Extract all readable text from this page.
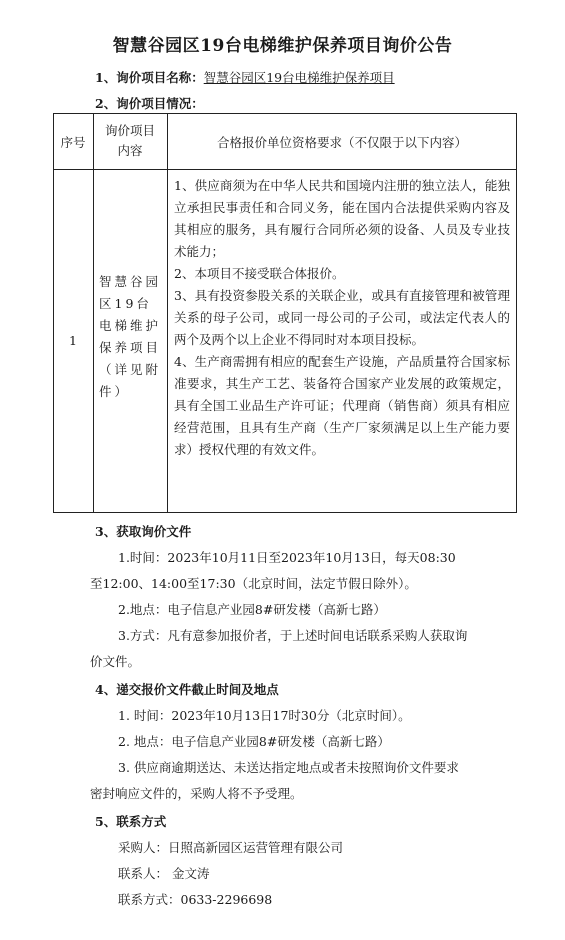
智慧谷园区19台电梯维护保养项目询价公告
1、询价项目名称：智慧谷园区19台电梯维护保养项目
2、询价项目情况：
序号
询价项目内容
合格报价单位资格要求（不仅限于以下内容）
1
智慧谷园区19台电梯维护保养项目（详见附件）

1、供应商须为在中华人民共和国境内注册的独立法人，能独立承担民事责任和合同义务，能在国内合法提供采购内容及其相应的服务，具有履行合同所必须的设备、人员及专业技术能力；

2、本项目不接受联合体报价。

3、具有投资参股关系的关联企业，或具有直接管理和被管理关系的母子公司，或同一母公司的子公司，或法定代表人的两个及两个以上企业不得同时对本项目投标。

4、生产商需拥有相应的配套生产设施，产品质量符合国家标准要求，其生产工艺、装备符合国家产业发展的政策规定，具有全国工业品生产许可证；代理商（销售商）须具有相应经营范围，且具有生产商（生产厂家须满足以上生产能力要求）授权代理的有效文件。

3、获取询价文件
1.时间：2023年10月11日至2023年10月13日，每天08:30
至12:00、14:00至17:30（北京时间，法定节假日除外）。
2.地点：电子信息产业园8#研发楼（高新七路）
3.方式：凡有意参加报价者，于上述时间电话联系采购人获取询
价文件。
4、递交报价文件截止时间及地点
1. 时间：2023年10月13日17时30分（北京时间）。
2. 地点：电子信息产业园8#研发楼（高新七路）
3. 供应商逾期送达、未送达指定地点或者未按照询价文件要求
密封响应文件的，采购人将不予受理。
5、联系方式
采购人：日照高新园区运营管理有限公司
联系人： 金文涛
联系方式：0633-2296698
